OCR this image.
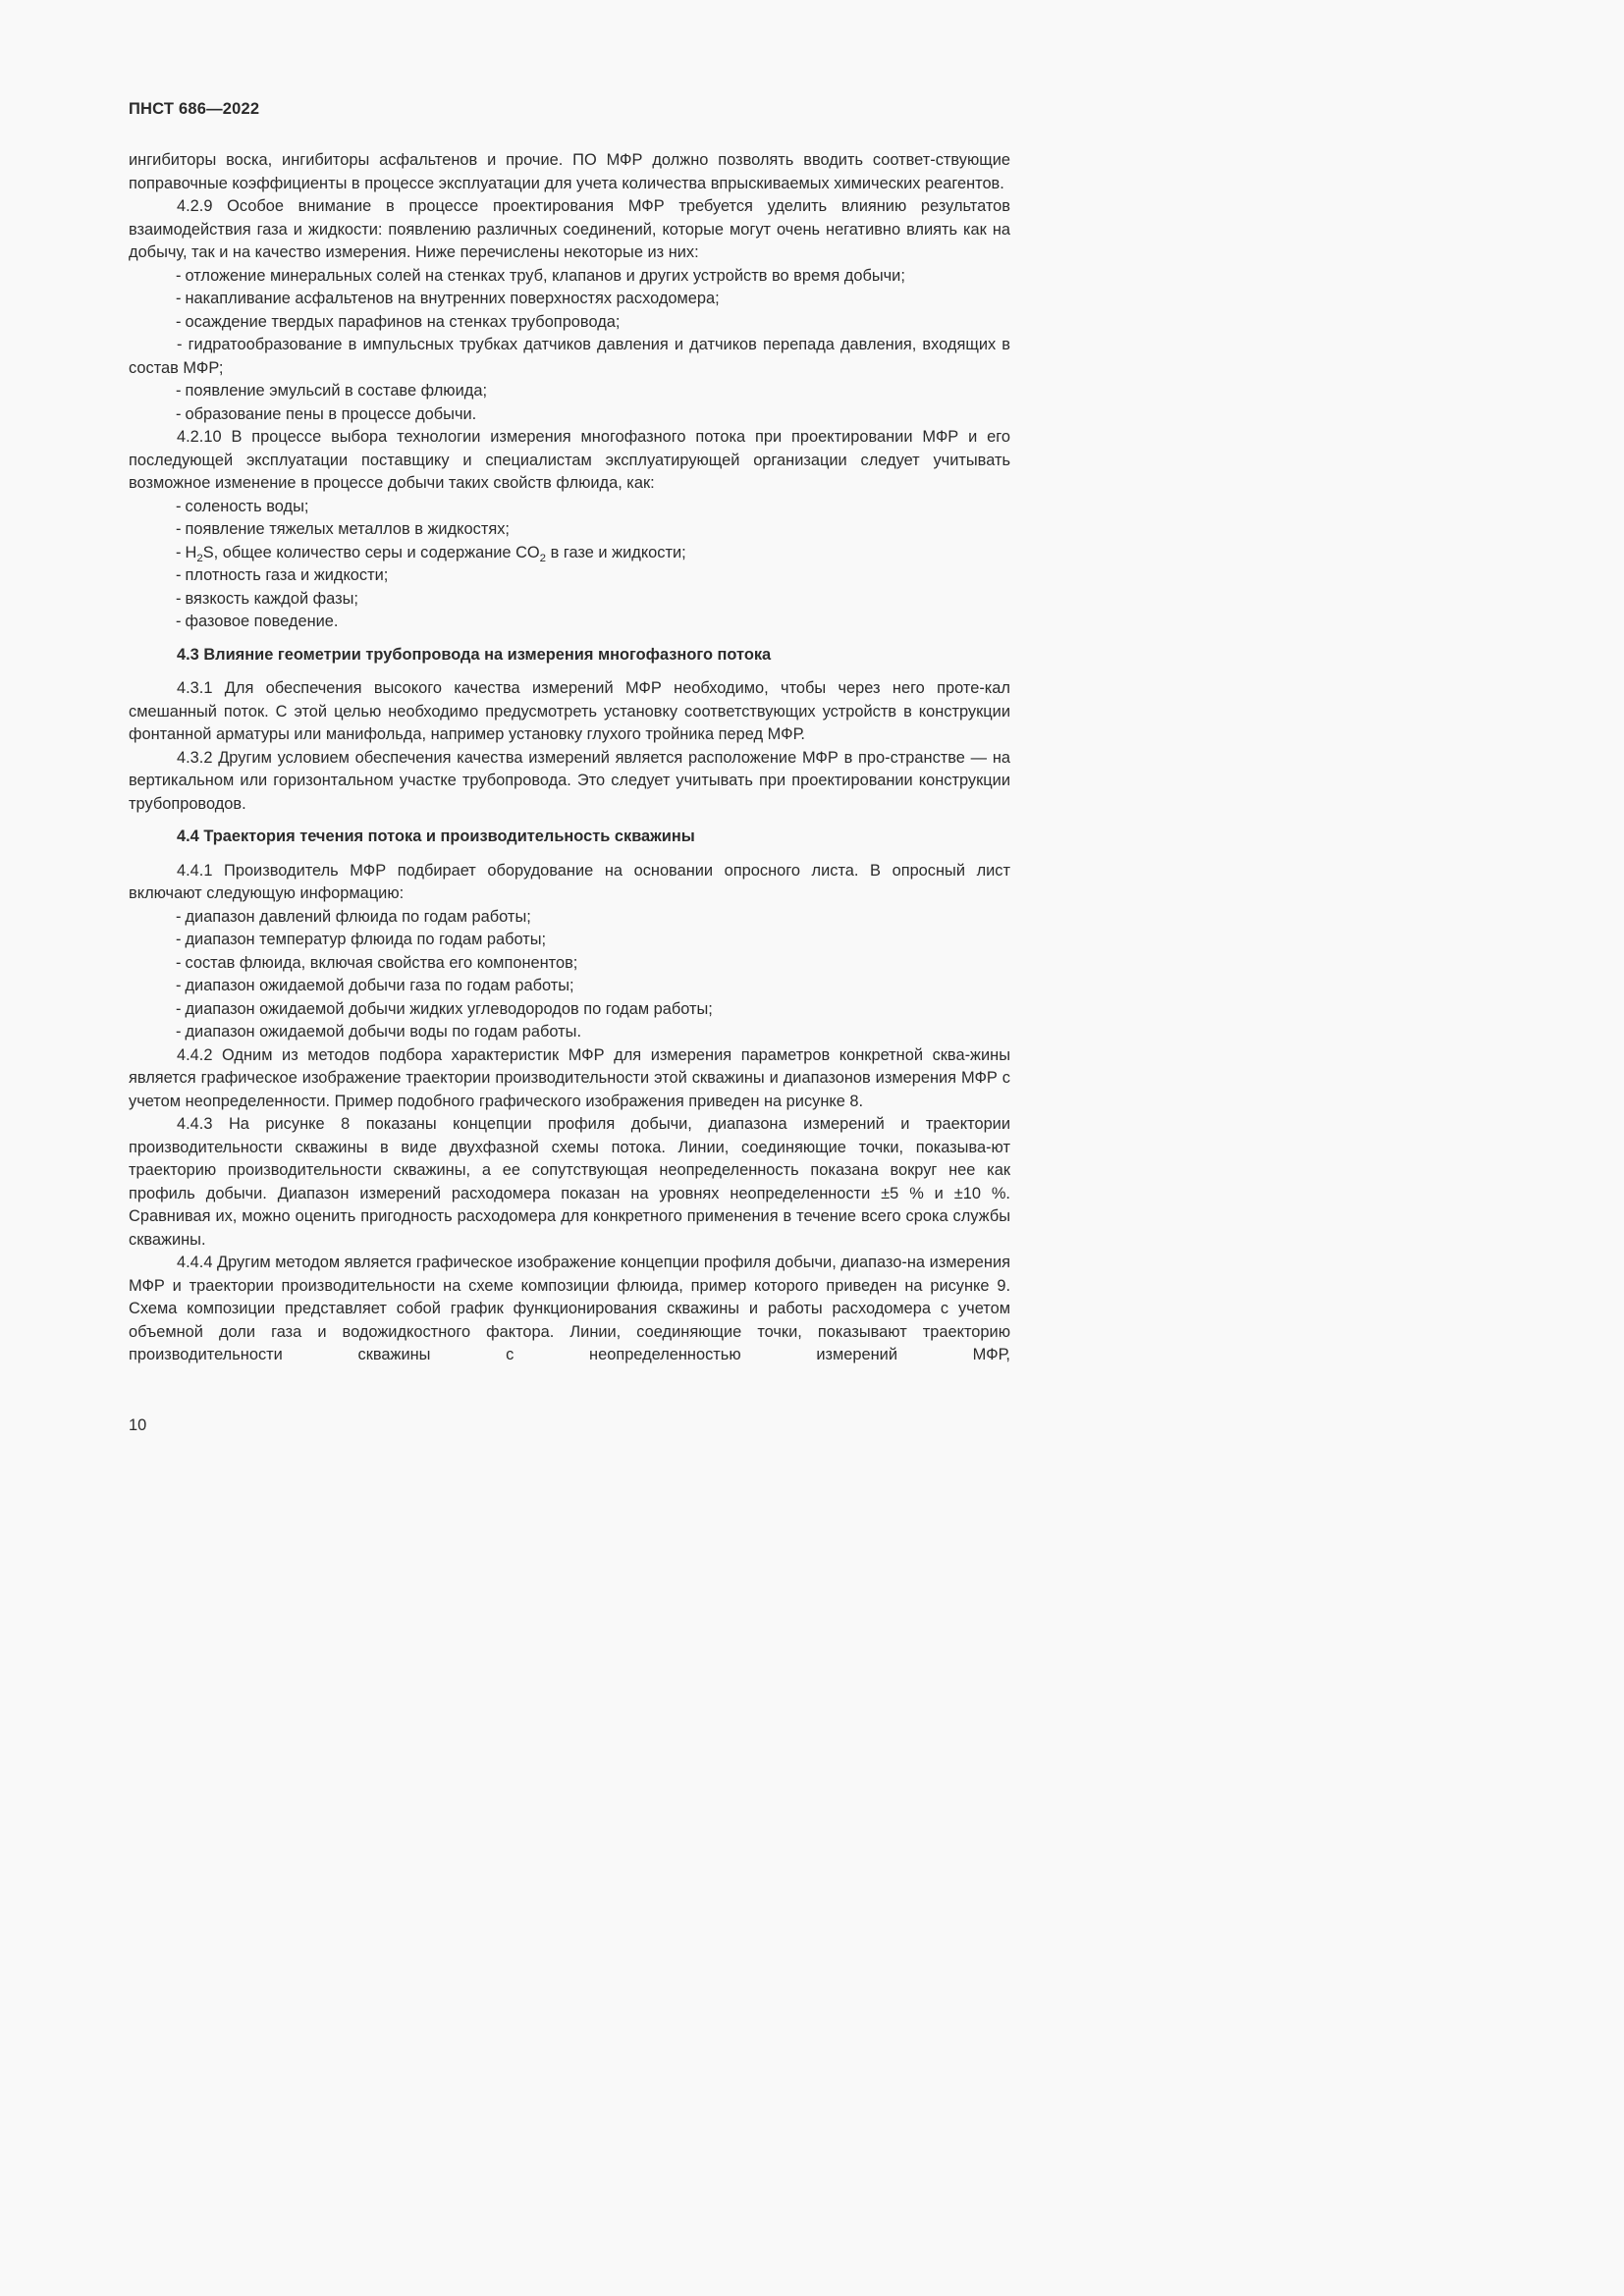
ПНСТ 686—2022

ингибиторы воска, ингибиторы асфальтенов и прочие. ПО МФР должно позволять вводить соответ-ствующие поправочные коэффициенты в процессе эксплуатации для учета количества впрыскиваемых химических реагентов.

4.2.9 Особое внимание в процессе проектирования МФР требуется уделить влиянию результатов взаимодействия газа и жидкости: появлению различных соединений, которые могут очень негативно влиять как на добычу, так и на качество измерения. Ниже перечислены некоторые из них:

- отложение минеральных солей на стенках труб, клапанов и других устройств во время добычи;

- накапливание асфальтенов на внутренних поверхностях расходомера;

- осаждение твердых парафинов на стенках трубопровода;

- гидратообразование в импульсных трубках датчиков давления и датчиков перепада давления, входящих в состав МФР;

- появление эмульсий в составе флюида;

- образование пены в процессе добычи.

4.2.10 В процессе выбора технологии измерения многофазного потока при проектировании МФР и его последующей эксплуатации поставщику и специалистам эксплуатирующей организации следует учитывать возможное изменение в процессе добычи таких свойств флюида, как:

- соленость воды;

- появление тяжелых металлов в жидкостях;

- $H_2S$, общее количество серы и содержание $CO_2$ в газе и жидкости;

- плотность газа и жидкости;

- вязкость каждой фазы;

- фазовое поведение.

4.3 Влияние геометрии трубопровода на измерения многофазного потока

4.3.1 Для обеспечения высокого качества измерений МФР необходимо, чтобы через него проте-кал смешанный поток. С этой целью необходимо предусмотреть установку соответствующих устройств в конструкции фонтанной арматуры или манифольда, например установку глухого тройника перед МФР.

4.3.2 Другим условием обеспечения качества измерений является расположение МФР в про-странстве — на вертикальном или горизонтальном участке трубопровода. Это следует учитывать при проектировании конструкции трубопроводов.

4.4 Траектория течения потока и производительность скважины

4.4.1 Производитель МФР подбирает оборудование на основании опросного листа. В опросный лист включают следующую информацию:

- диапазон давлений флюида по годам работы;

- диапазон температур флюида по годам работы;

- состав флюида, включая свойства его компонентов;

- диапазон ожидаемой добычи газа по годам работы;

- диапазон ожидаемой добычи жидких углеводородов по годам работы;

- диапазон ожидаемой добычи воды по годам работы.

4.4.2 Одним из методов подбора характеристик МФР для измерения параметров конкретной сква-жины является графическое изображение траектории производительности этой скважины и диапазонов измерения МФР с учетом неопределенности. Пример подобного графического изображения приведен на рисунке 8.

4.4.3 На рисунке 8 показаны концепции профиля добычи, диапазона измерений и траектории производительности скважины в виде двухфазной схемы потока. Линии, соединяющие точки, показыва-ют траекторию производительности скважины, а ее сопутствующая неопределенность показана вокруг нее как профиль добычи. Диапазон измерений расходомера показан на уровнях неопределенности ±5 % и ±10 %. Сравнивая их, можно оценить пригодность расходомера для конкретного применения в течение всего срока службы скважины.

4.4.4 Другим методом является графическое изображение концепции профиля добычи, диапазо-на измерения МФР и траектории производительности на схеме композиции флюида, пример которого приведен на рисунке 9. Схема композиции представляет собой график функционирования скважины и работы расходомера с учетом объемной доли газа и водожидкостного фактора. Линии, соединяющие точки, показывают траекторию производительности скважины с неопределенностью измерений МФР,

10
